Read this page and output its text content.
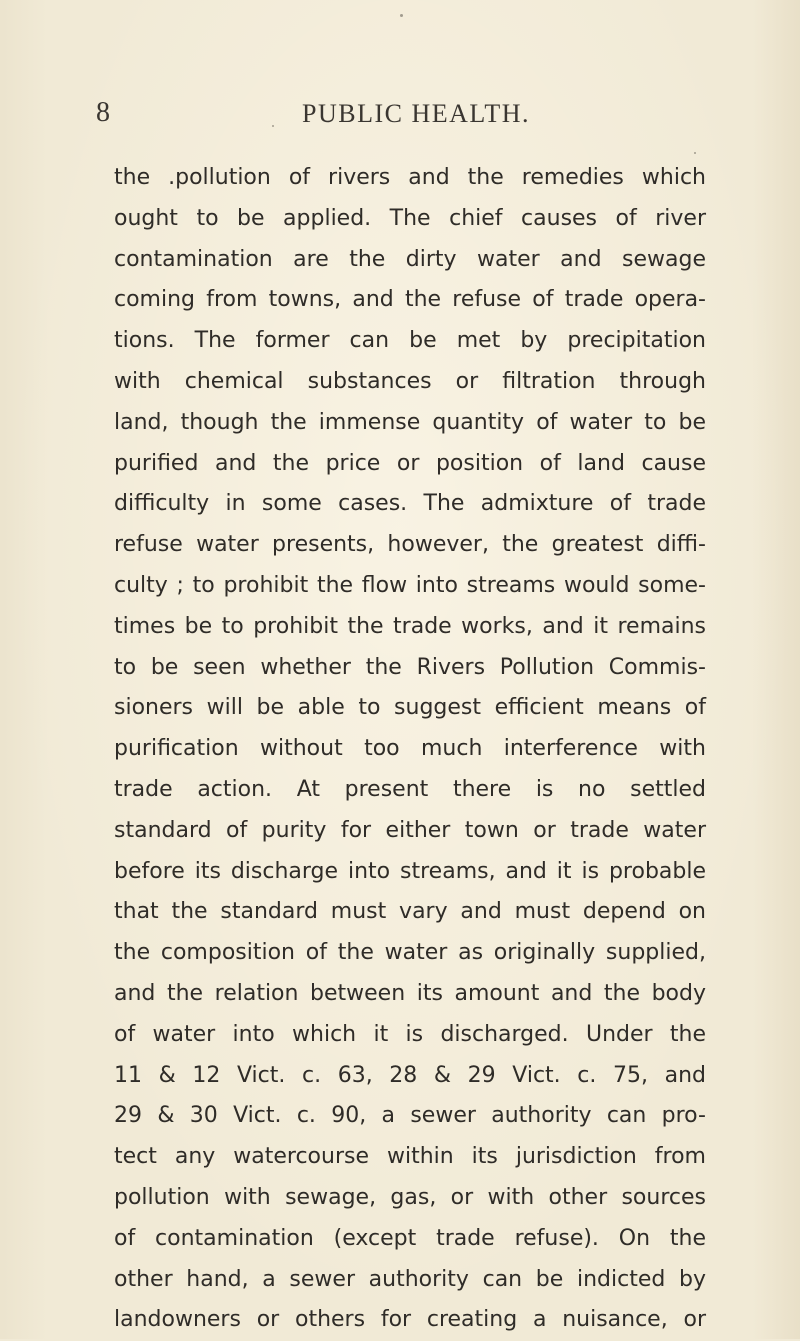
8	PUBLIC HEALTH.
the .pollution of rivers and the remedies which
ought to be applied. The chief causes of river
contamination are the dirty water and sewage
coming from towns, and the refuse of trade opera-
tions. The former can be met by precipitation
with chemical substances or filtration through
land, though the immense quantity of water to be
purified and the price or position of land cause
difficulty in some cases. The admixture of trade
refuse water presents, however, the greatest diffi-
culty ; to prohibit the flow into streams would some-
times be to prohibit the trade works, and it remains
to be seen whether the Rivers Pollution Commis-
sioners will be able to suggest efficient means of
purification without too much interference with
trade action. At present there is no settled
standard of purity for either town or trade water
before its discharge into streams, and it is probable
that the standard must vary and must depend on
the composition of the water as originally supplied,
and the relation between its amount and the body
of water into which it is discharged. Under the
11 & 12 Vict. c. 63, 28 & 29 Vict. c. 75, and
29 & 30 Vict. c. 90, a sewer authority can pro-
tect any watercourse within its jurisdiction from
pollution with sewage, gas, or with other sources
of contamination (except trade refuse). On the
other hand, a sewer authority can be indicted by
landowners or others for creating a nuisance, or
